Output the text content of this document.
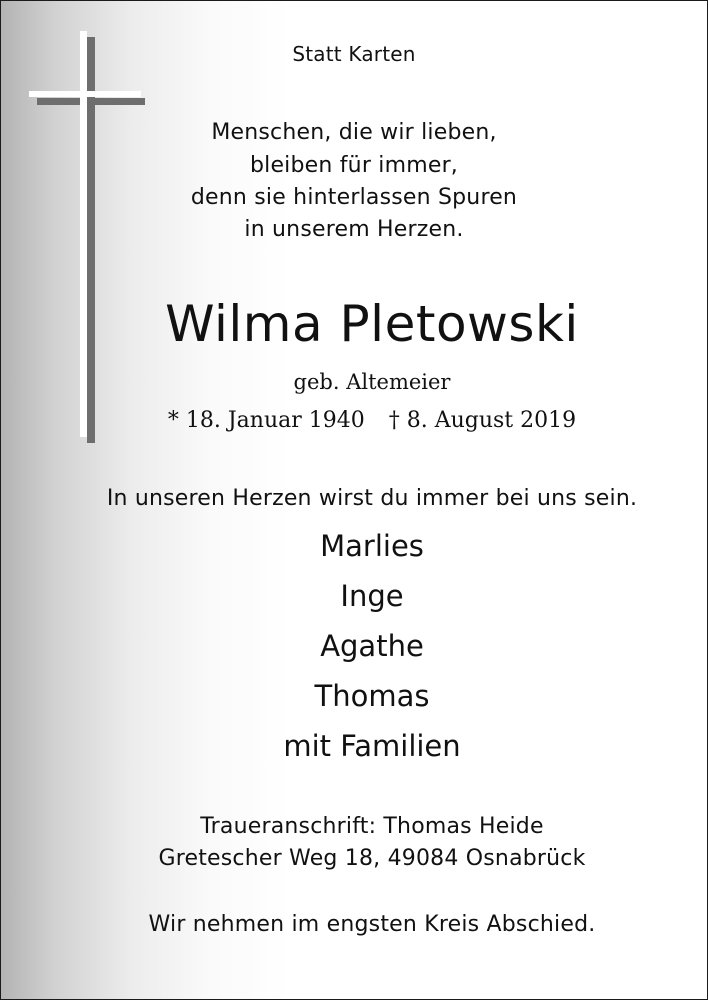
Statt Karten
Menschen, die wir lieben,
bleiben für immer,
denn sie hinterlassen Spuren
in unserem Herzen.
Wilma Pletowski
geb. Altemeier
* 18. Januar 1940 † 8. August 2019
In unseren Herzen wirst du immer bei uns sein.
Marlies
Inge
Agathe
Thomas
mit Familien
Traueranschrift: Thomas Heide
Gretescher Weg 18, 49084 Osnabrück
Wir nehmen im engsten Kreis Abschied.
